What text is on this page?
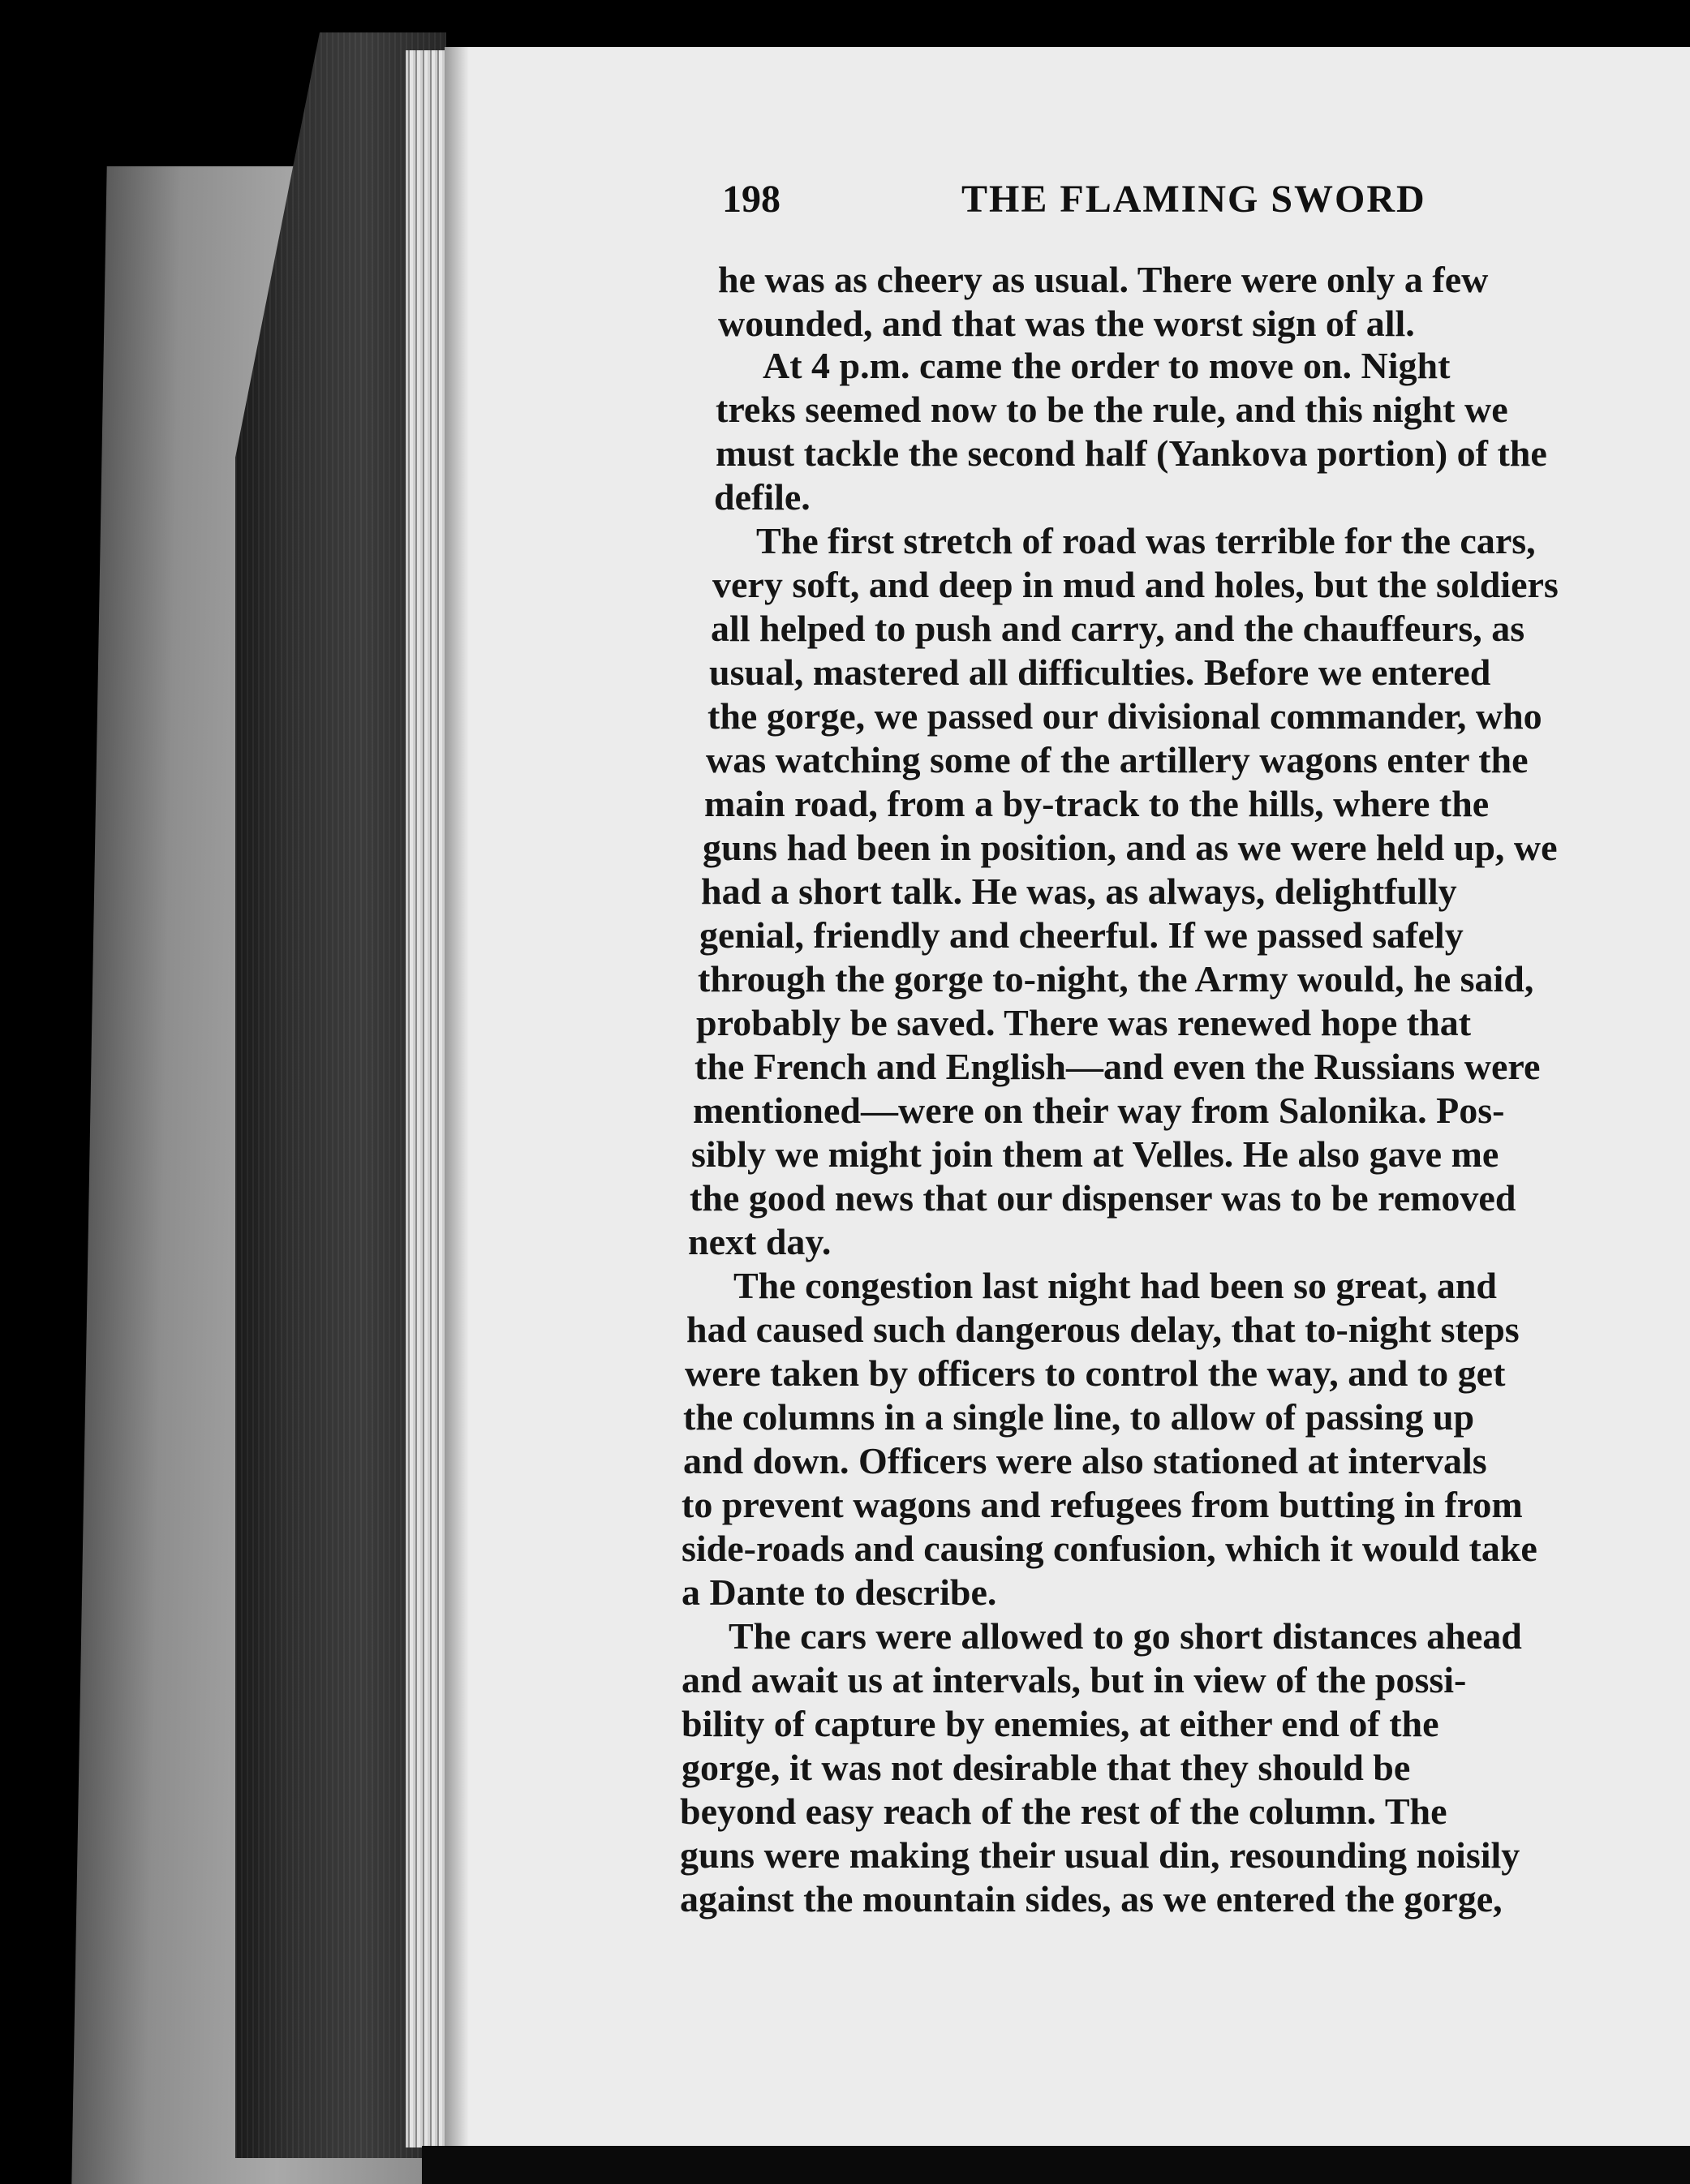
198	THE FLAMING SWORD
he was as cheery as usual. There were only a few
wounded, and that was the worst sign of all.
At 4 p.m. came the order to move on. Night
treks seemed now to be the rule, and this night we
must tackle the second half (Yankova portion) of the
defile.
The first stretch of road was terrible for the cars,
very soft, and deep in mud and holes, but the soldiers
all helped to push and carry, and the chauffeurs, as
usual, mastered all difficulties. Before we entered
the gorge, we passed our divisional commander, who
was watching some of the artillery wagons enter the
main road, from a by-track to the hills, where the
guns had been in position, and as we were held up, we
had a short talk. He was, as always, delightfully
genial, friendly and cheerful. If we passed safely
through the gorge to-night, the Army would, he said,
probably be saved. There was renewed hope that
the French and English—and even the Russians were
mentioned—were on their way from Salonika. Pos-
sibly we might join them at Velles. He also gave me
the good news that our dispenser was to be removed
next day.
The congestion last night had been so great, and
had caused such dangerous delay, that to-night steps
were taken by officers to control the way, and to get
the columns in a single line, to allow of passing up
and down. Officers were also stationed at intervals
to prevent wagons and refugees from butting in from
side-roads and causing confusion, which it would take
a Dante to describe.
The cars were allowed to go short distances ahead
and await us at intervals, but in view of the possi-
bility of capture by enemies, at either end of the
gorge, it was not desirable that they should be
beyond easy reach of the rest of the column. The
guns were making their usual din, resounding noisily
against the mountain sides, as we entered the gorge,
